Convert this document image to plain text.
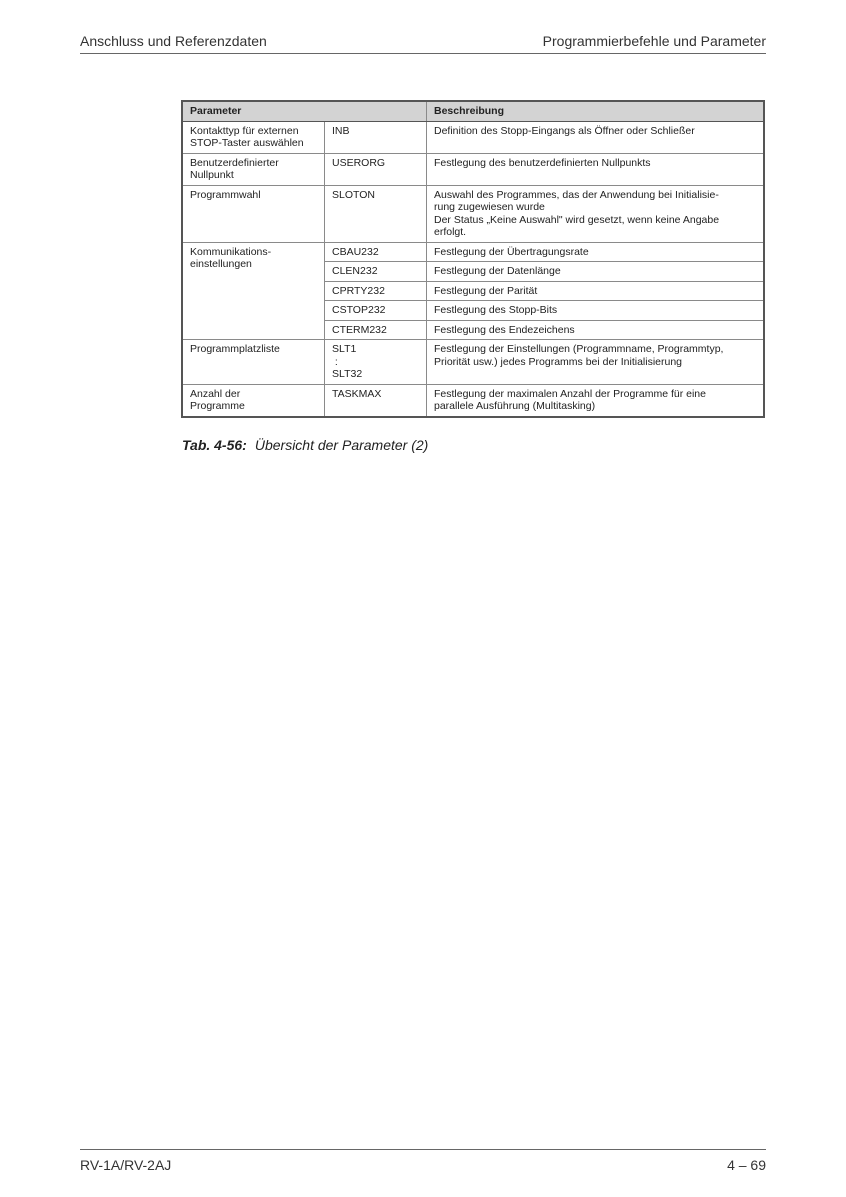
Anschluss und Referenzdaten	Programmierbefehle und Parameter
Parameter		Beschreibung

Kontakttyp für externen
STOP-Taster auswählen	INB	Definition des Stopp-Eingangs als Öffner oder Schließer

Benutzerdefinierter
Nullpunkt	USERORG	Festlegung des benutzerdefinierten Nullpunkts

Programmwahl	SLOTON	Auswahl des Programmes, das der Anwendung bei Initialisie-
rung zugewiesen wurde
Der Status „Keine Auswahl" wird gesetzt, wenn keine Angabe
erfolgt.

Kommunikations-
einstellungen	CBAU232	Festlegung der Übertragungsrate

	CLEN232	Festlegung der Datenlänge

	CPRTY232	Festlegung der Parität

	CSTOP232	Festlegung des Stopp-Bits

	CTERM232	Festlegung des Endezeichens

Programmplatzliste	SLT1
:
SLT32	Festlegung der Einstellungen (Programmname, Programmtyp,
Priorität usw.) jedes Programms bei der Initialisierung

Anzahl der
Programme	TASKMAX	Festlegung der maximalen Anzahl der Programme für eine
parallele Ausführung (Multitasking)
Tab. 4-56: Übersicht der Parameter (2)
RV-1A/RV-2AJ	4 – 69
